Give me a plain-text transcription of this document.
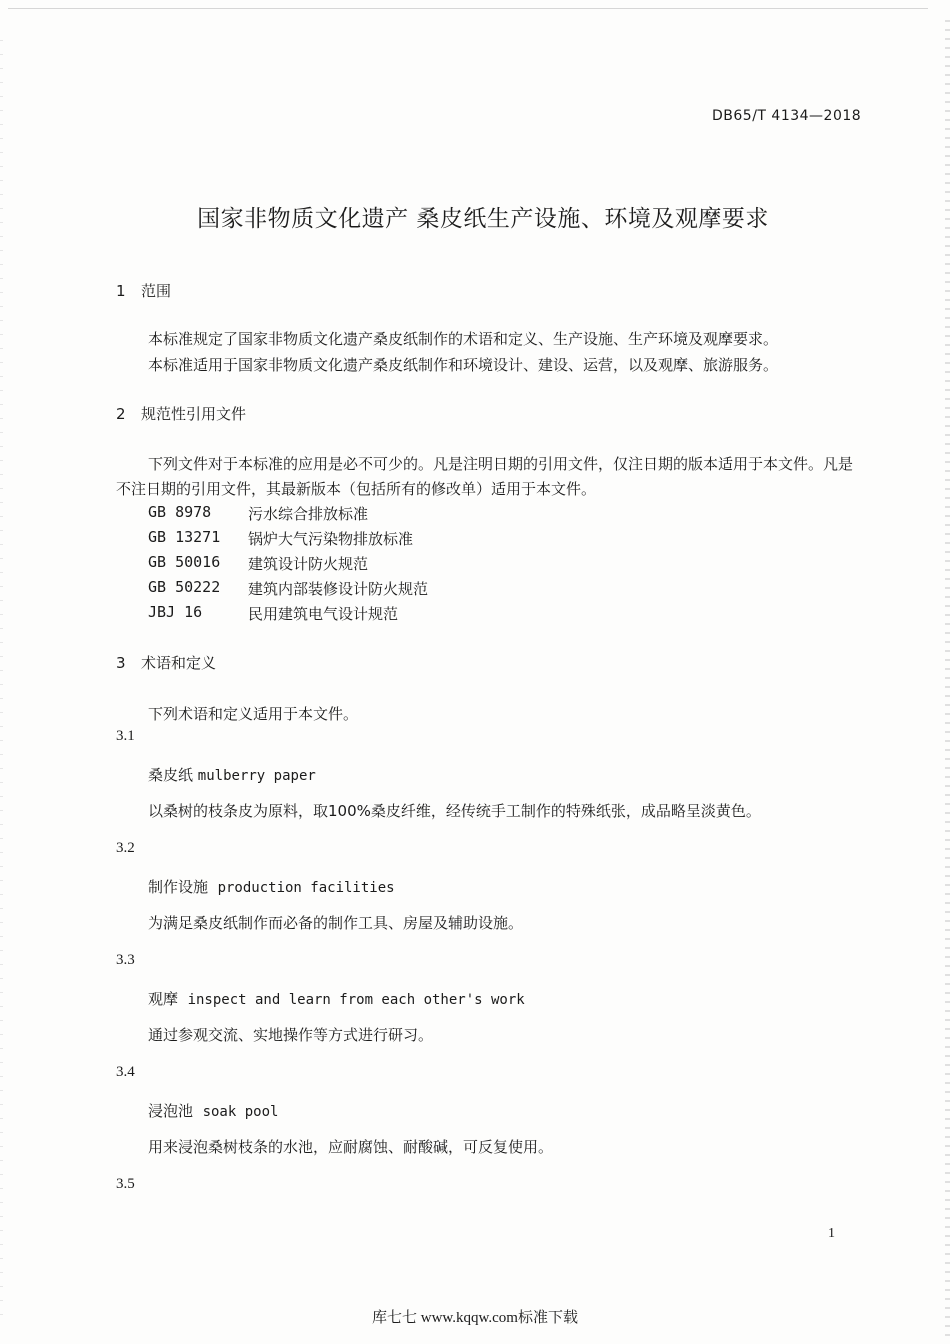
DB65/T 4134—2018
国家非物质文化遗产 桑皮纸生产设施、环境及观摩要求
1 范围
本标准规定了国家非物质文化遗产桑皮纸制作的术语和定义、生产设施、生产环境及观摩要求。
本标准适用于国家非物质文化遗产桑皮纸制作和环境设计、建设、运营，以及观摩、旅游服务。
2 规范性引用文件
下列文件对于本标准的应用是必不可少的。凡是注明日期的引用文件，仅注日期的版本适用于本文件。凡是不注日期的引用文件，其最新版本（包括所有的修改单）适用于本文件。
GB 8978 污水综合排放标准
GB 13271 锅炉大气污染物排放标准
GB 50016 建筑设计防火规范
GB 50222 建筑内部装修设计防火规范
JBJ 16	民用建筑电气设计规范
3 术语和定义
下列术语和定义适用于本文件。
3.1
桑皮纸 mulberry paper
以桑树的枝条皮为原料，取100%桑皮纤维，经传统手工制作的特殊纸张，成品略呈淡黄色。
3.2
制作设施 production facilities
为满足桑皮纸制作而必备的制作工具、房屋及辅助设施。
3.3
观摩 inspect and learn from each other's work
通过参观交流、实地操作等方式进行研习。
3.4
浸泡池 soak pool
用来浸泡桑树枝条的水池，应耐腐蚀、耐酸碱，可反复使用。
3.5
1
库七七 www.kqqw.com标准下载
